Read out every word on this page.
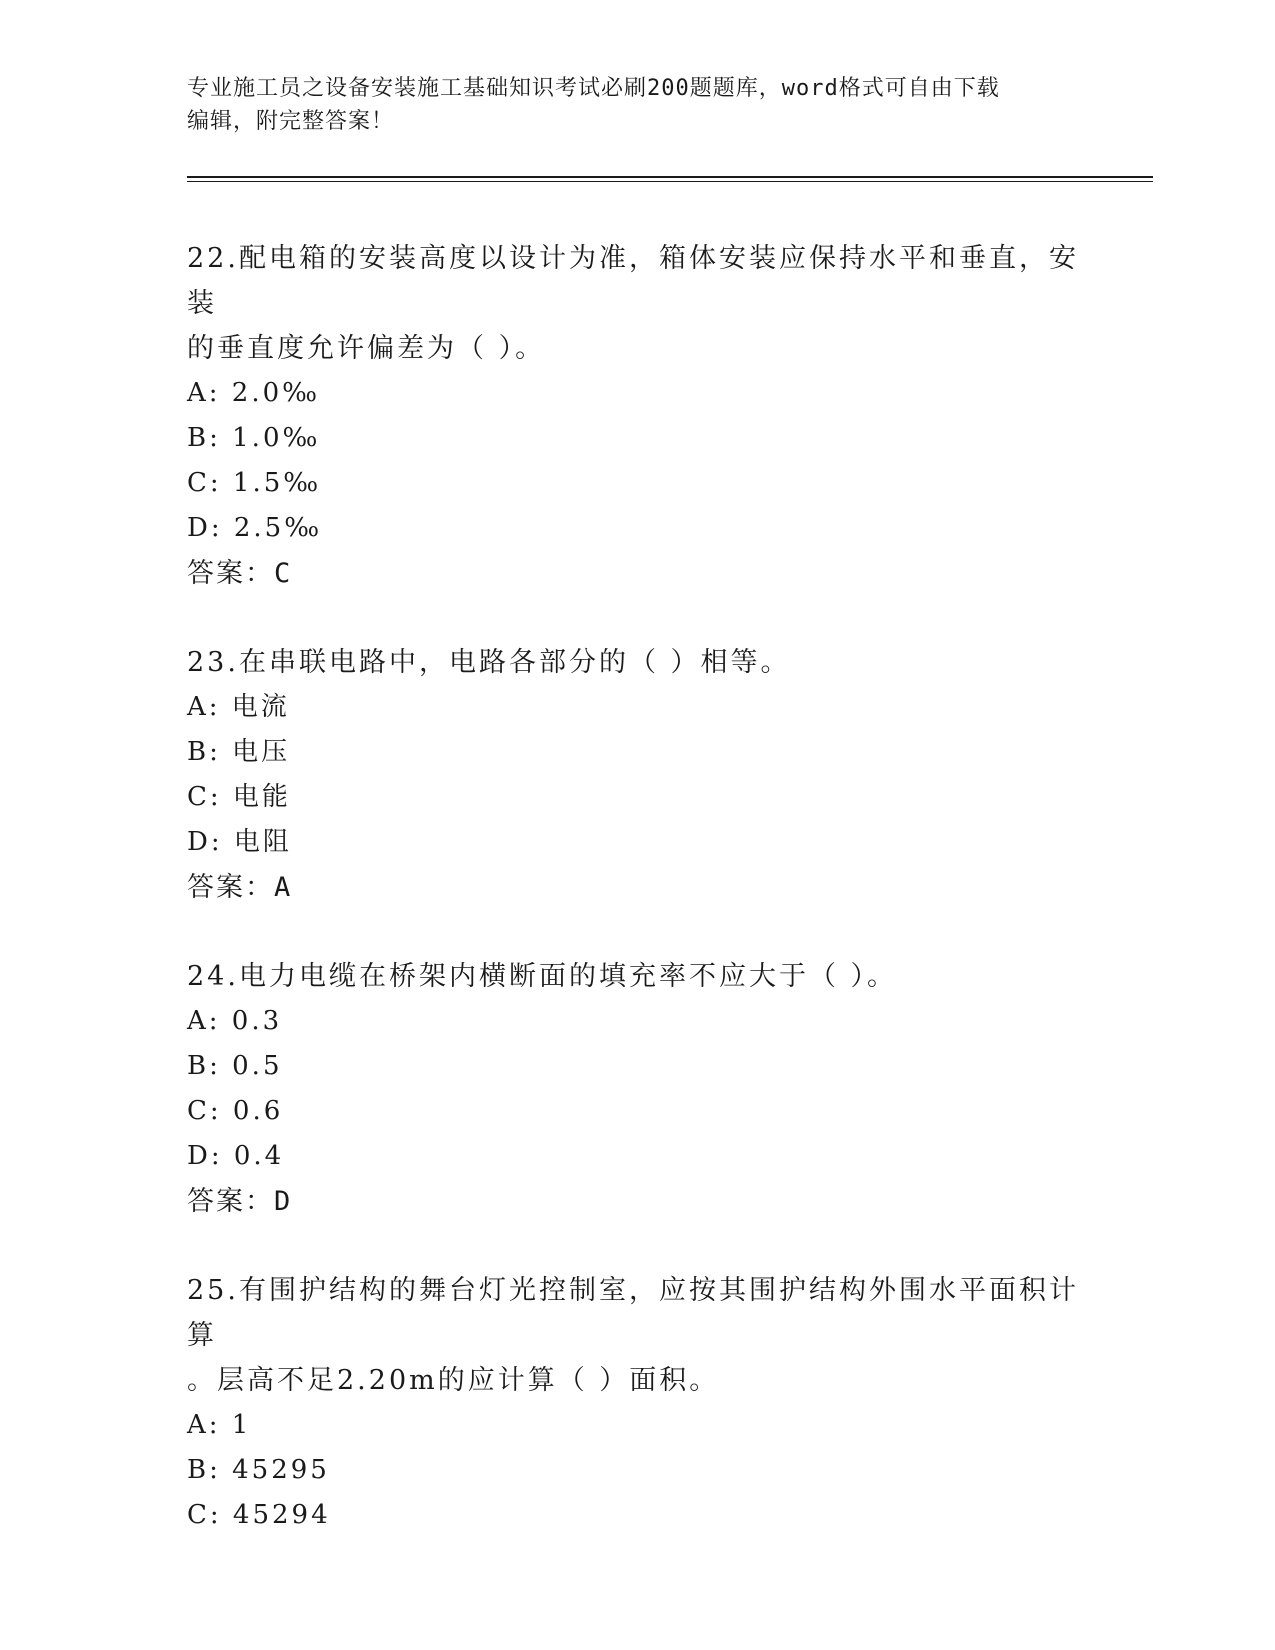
专业施工员之设备安装施工基础知识考试必刷200题题库，word格式可自由下载
编辑，附完整答案！
22.配电箱的安装高度以设计为准，箱体安装应保持水平和垂直，安装
的垂直度允许偏差为（ ）。
A: 2.0‰
B: 1.0‰
C: 1.5‰
D: 2.5‰
答案：C
23.在串联电路中，电路各部分的（ ）相等。
A: 电流
B: 电压
C: 电能
D: 电阻
答案：A
24.电力电缆在桥架内横断面的填充率不应大于（ ）。
A: 0.3
B: 0.5
C: 0.6
D: 0.4
答案：D
25.有围护结构的舞台灯光控制室，应按其围护结构外围水平面积计算
。层高不足2.20m的应计算（ ）面积。
A: 1
B: 45295
C: 45294
